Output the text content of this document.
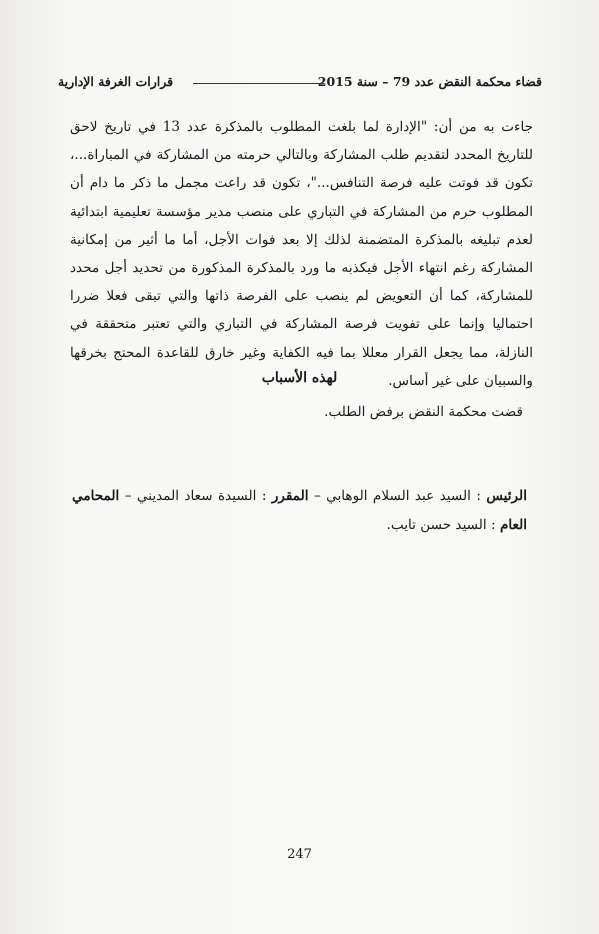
قضاء محكمة النقض عدد 79 – سنة 2015
قرارات الغرفة الإدارية

جاءت به من أن: "الإدارة لما بلغت المطلوب بالمذكرة عدد 13 في تاريخ لاحق للتاريخ المحدد لتقديم طلب المشاركة وبالتالي حرمته من المشاركة في المباراة...، تكون قد فوتت عليه فرصة التنافس..."، تكون قد راعت مجمل ما ذكر ما دام أن المطلوب حرم من المشاركة في التباري على منصب مدير مؤسسة تعليمية ابتدائية لعدم تبليغه بالمذكرة المتضمنة لذلك إلا بعد فوات الأجل، أما ما أثير من إمكانية المشاركة رغم انتهاء الأجل فيكذبه ما ورد بالمذكرة المذكورة من تحديد أجل محدد للمشاركة، كما أن التعويض لم ينصب على الفرصة ذاتها والتي تبقى فعلا ضررا احتماليا وإنما على تفويت فرصة المشاركة في التباري والتي تعتبر متحققة في النازلة، مما يجعل القرار معللا بما فيه الكفاية وغير خارق للقاعدة المحتج بخرقها والسبيان على غير أساس.

لهذه الأسباب
قضت محكمة النقض برفض الطلب.
الرئيس : السيد عبد السلام الوهابي – المقرر : السيدة سعاد المديني – المحامي العام : السيد حسن تايب.
247
